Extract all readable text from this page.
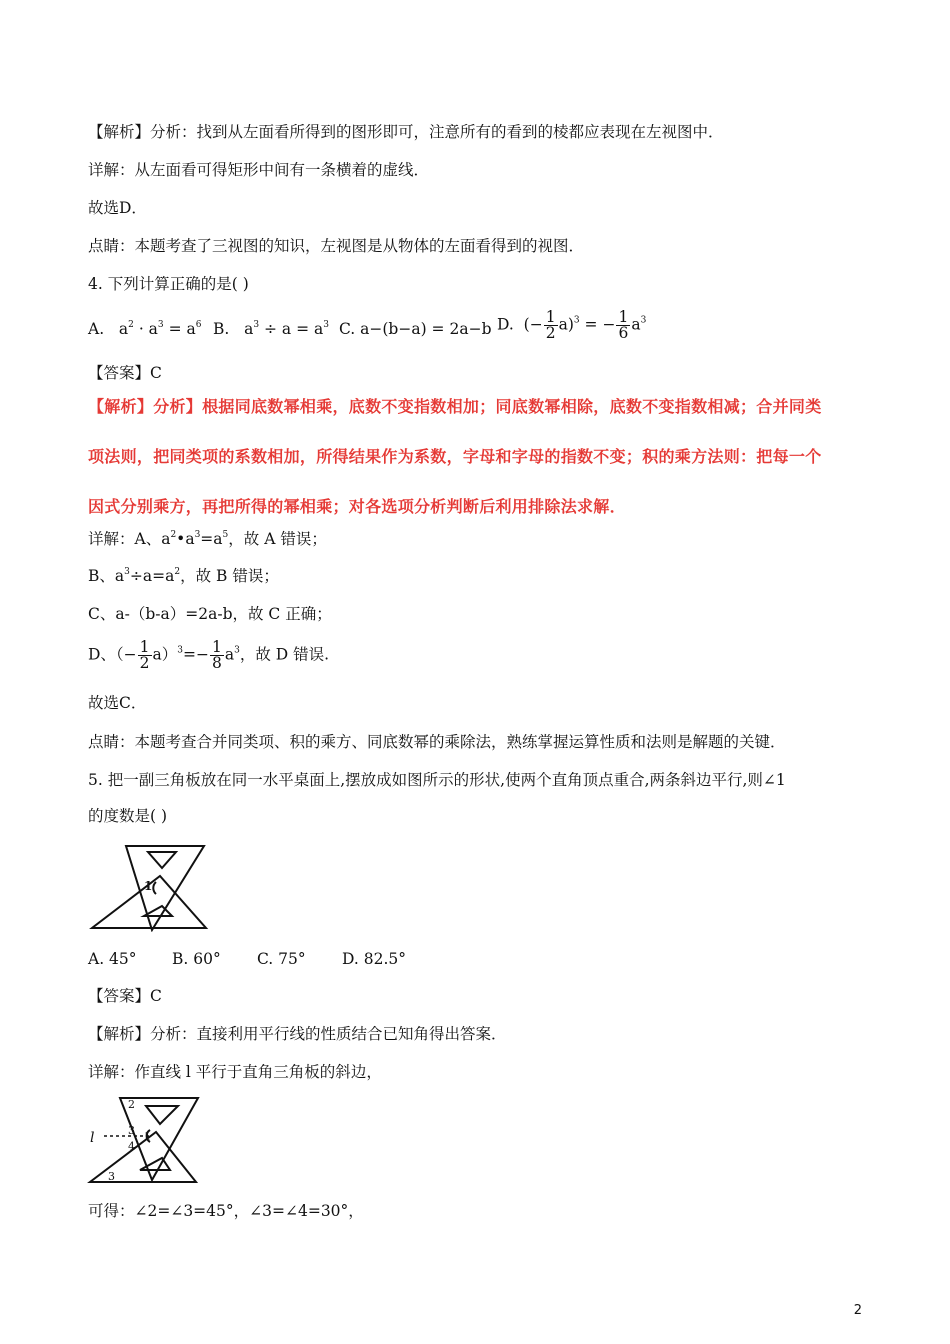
【解析】分析：找到从左面看所得到的图形即可，注意所有的看到的棱都应表现在左视图中．
详解：从左面看可得矩形中间有一条横着的虚线．
故选D．
点睛：本题考查了三视图的知识，左视图是从物体的左面看得到的视图．
4. 下列计算正确的是( )
A. $a^2 \cdot a^3 = a^6$ B. $a^3 \div a = a^3$ C. a−(b−a) = 2a−b D. (− $\frac{1}{2} a)^3$ = − $\frac{1}{6} a^3$
【答案】C
【解析】分析】根据同底数幂相乘，底数不变指数相加；同底数幂相除，底数不变指数相减；合并同类
项法则，把同类项的系数相加，所得结果作为系数，字母和字母的指数不变；积的乘方法则：把每一个
因式分别乘方，再把所得的幂相乘；对各选项分析判断后利用排除法求解．
详解：A、$a^2•a^3=a^5$，故 A 错误；
B、$a^3\div a=a^2$，故 B 错误；
C、a-（b-a）=2a-b，故 C 正确；
D、（− $\frac{1}{2} a)^3=- \frac{1}{8} a^3$，故 D 错误.
故选C．
点睛：本题考查合并同类项、积的乘方、同底数幂的乘除法，熟练掌握运算性质和法则是解题的关键．
5. 把一副三角板放在同一水平桌面上,摆放成如图所示的形状,使两个直角顶点重合,两条斜边平行,则∠1
的度数是( )
1
A. 45° B. 60° C. 75° D. 82.5°
【答案】C
【解析】分析：直接利用平行线的性质结合已知角得出答案．
详解：作直线 l 平行于直角三角板的斜边，
l
2
3
4
1
3
可得：∠2=∠3=45°，∠3=∠4=30°，
2
